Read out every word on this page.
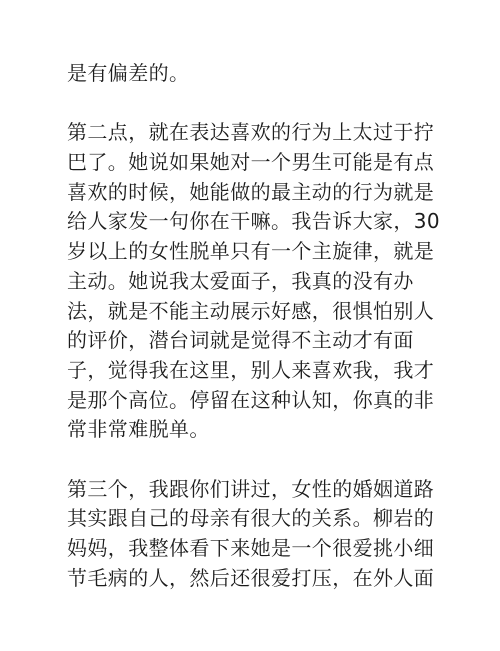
是有偏差的。
第二点，就在表达喜欢的行为上太过于拧
巴了。她说如果她对一个男生可能是有点
喜欢的时候，她能做的最主动的行为就是
给人家发一句你在干嘛。我告诉大家，30
岁以上的女性脱单只有一个主旋律，就是
主动。她说我太爱面子，我真的没有办
法，就是不能主动展示好感，很惧怕别人
的评价，潜台词就是觉得不主动才有面
子，觉得我在这里，别人来喜欢我，我才
是那个高位。停留在这种认知，你真的非
常非常难脱单。
第三个，我跟你们讲过，女性的婚姻道路
其实跟自己的母亲有很大的关系。柳岩的
妈妈，我整体看下来她是一个很爱挑小细
节毛病的人，然后还很爱打压，在外人面
